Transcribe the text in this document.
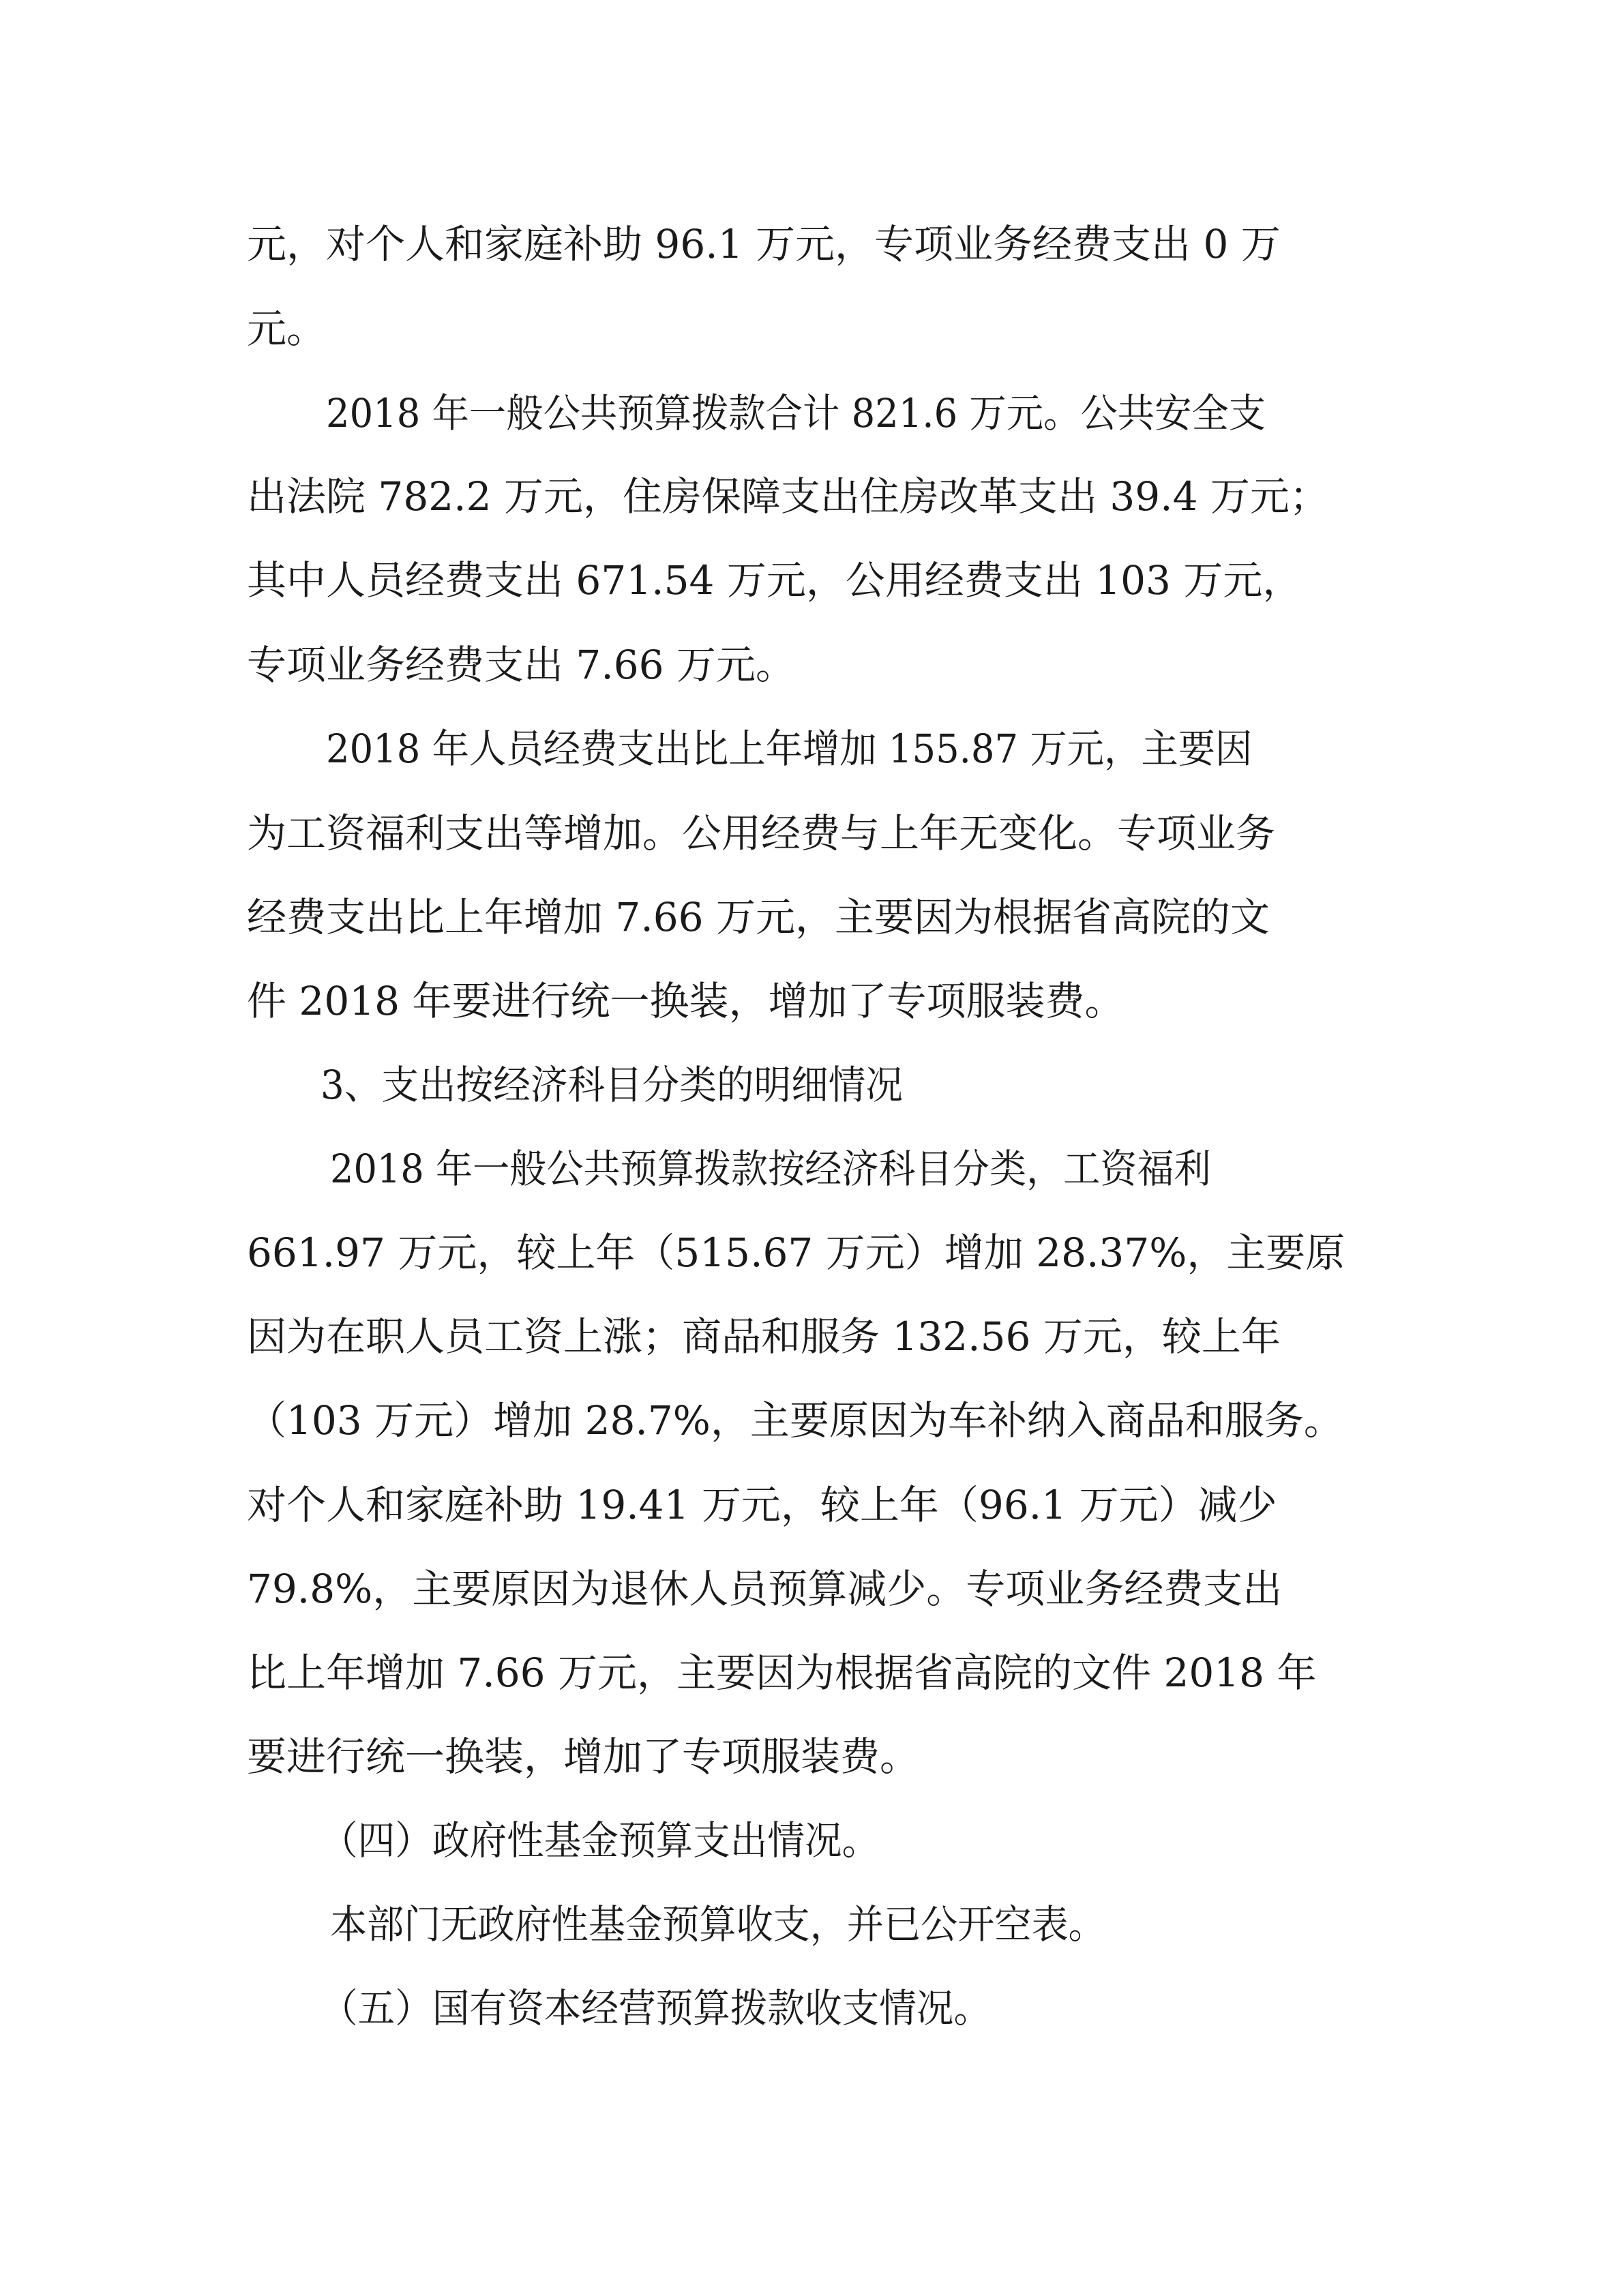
元，对个人和家庭补助 96.1 万元，专项业务经费支出 0 万
元。
2018 年一般公共预算拨款合计 821.6 万元。公共安全支
出法院 782.2 万元，住房保障支出住房改革支出 39.4 万元；
其中人员经费支出 671.54 万元，公用经费支出 103 万元，
专项业务经费支出 7.66 万元。
2018 年人员经费支出比上年增加 155.87 万元，主要因
为工资福利支出等增加。公用经费与上年无变化。专项业务
经费支出比上年增加 7.66 万元，主要因为根据省高院的文
件 2018 年要进行统一换装，增加了专项服装费。
3、支出按经济科目分类的明细情况
2018 年一般公共预算拨款按经济科目分类，工资福利
661.97 万元，较上年（515.67 万元）增加 28.37%，主要原
因为在职人员工资上涨；商品和服务 132.56 万元，较上年
（103 万元）增加 28.7%，主要原因为车补纳入商品和服务。
对个人和家庭补助 19.41 万元，较上年（96.1 万元）减少
79.8%，主要原因为退休人员预算减少。专项业务经费支出
比上年增加 7.66 万元，主要因为根据省高院的文件 2018 年
要进行统一换装，增加了专项服装费。
（四）政府性基金预算支出情况。
本部门无政府性基金预算收支，并已公开空表。
（五）国有资本经营预算拨款收支情况。
